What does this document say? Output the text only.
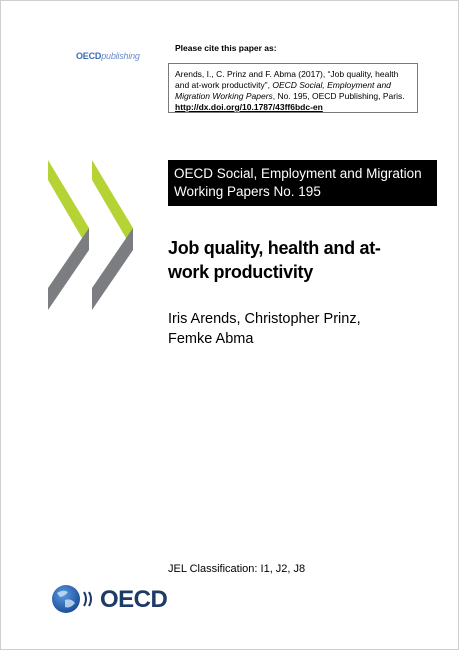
OECDpublishing
Please cite this paper as:
Arends, I., C. Prinz and F. Abma (2017), “Job quality, health and at-work productivity”, OECD Social, Employment and Migration Working Papers, No. 195, OECD Publishing, Paris. http://dx.doi.org/10.1787/43ff6bdc-en
OECD Social, Employment and Migration
Working Papers No. 195
Job quality, health and at-work productivity
Iris Arends, Christopher Prinz,
Femke Abma
JEL Classification: I1, J2, J8
OECD
